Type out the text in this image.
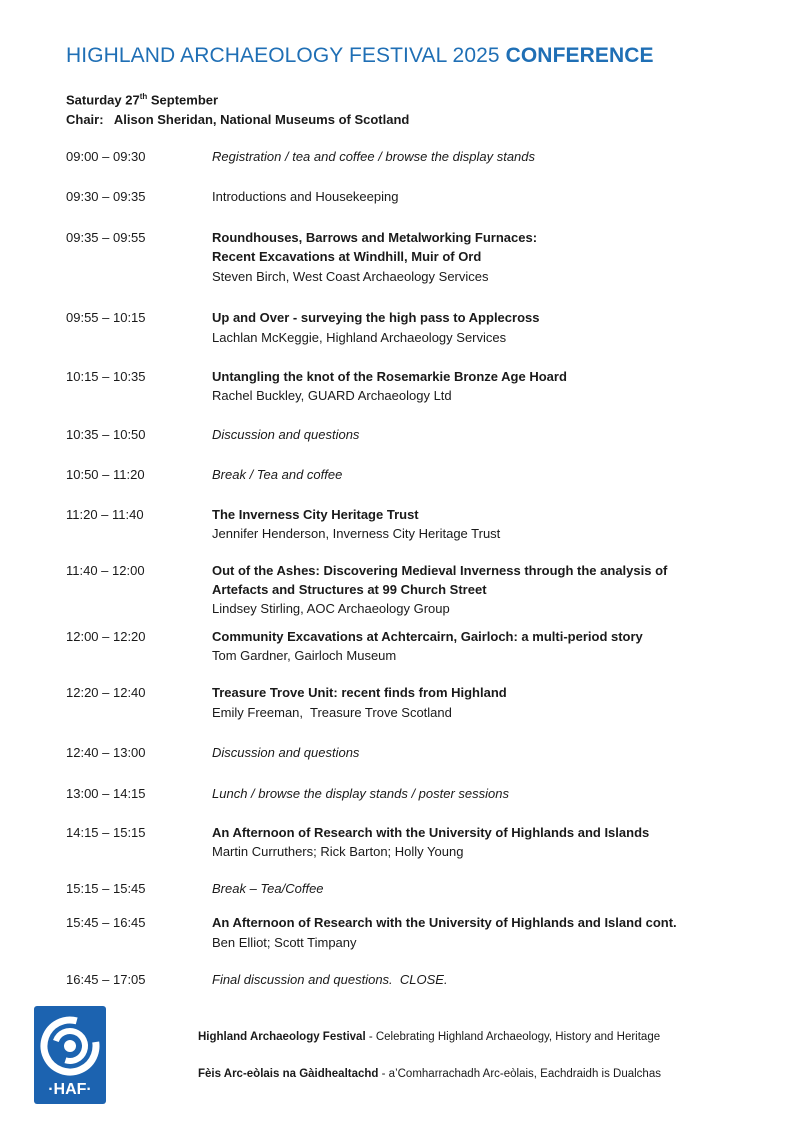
HIGHLAND ARCHAEOLOGY FESTIVAL 2025 CONFERENCE
Saturday 27th September
Chair: Alison Sheridan, National Museums of Scotland
09:00 – 09:30	Registration / tea and coffee / browse the display stands
09:30 – 09:35	Introductions and Housekeeping
09:35 – 09:55	Roundhouses, Barrows and Metalworking Furnaces: Recent Excavations at Windhill, Muir of Ord
Steven Birch, West Coast Archaeology Services
09:55 – 10:15	Up and Over - surveying the high pass to Applecross
Lachlan McKeggie, Highland Archaeology Services
10:15 – 10:35	Untangling the knot of the Rosemarkie Bronze Age Hoard
Rachel Buckley, GUARD Archaeology Ltd
10:35 – 10:50	Discussion and questions
10:50 – 11:20	Break / Tea and coffee
11:20 – 11:40	The Inverness City Heritage Trust
Jennifer Henderson, Inverness City Heritage Trust
11:40 – 12:00	Out of the Ashes: Discovering Medieval Inverness through the analysis of Artefacts and Structures at 99 Church Street
Lindsey Stirling, AOC Archaeology Group
12:00 – 12:20	Community Excavations at Achtercairn, Gairloch: a multi-period story
Tom Gardner, Gairloch Museum
12:20 – 12:40	Treasure Trove Unit: recent finds from Highland
Emily Freeman,  Treasure Trove Scotland
12:40 – 13:00	Discussion and questions
13:00 – 14:15	Lunch / browse the display stands / poster sessions
14:15 – 15:15	An Afternoon of Research with the University of Highlands and Islands
Martin Curruthers; Rick Barton; Holly Young
15:15 – 15:45	Break – Tea/Coffee
15:45 – 16:45	An Afternoon of Research with the University of Highlands and Island cont.
Ben Elliot; Scott Timpany
16:45 – 17:05	Final discussion and questions.  CLOSE.
·HAF·
Highland Archaeology Festival - Celebrating Highland Archaeology, History and Heritage
Fèis Arc-eòlais na Gàidhealtachd - a’Comharrachadh Arc-eòlais, Eachdraidh is Dualchas
